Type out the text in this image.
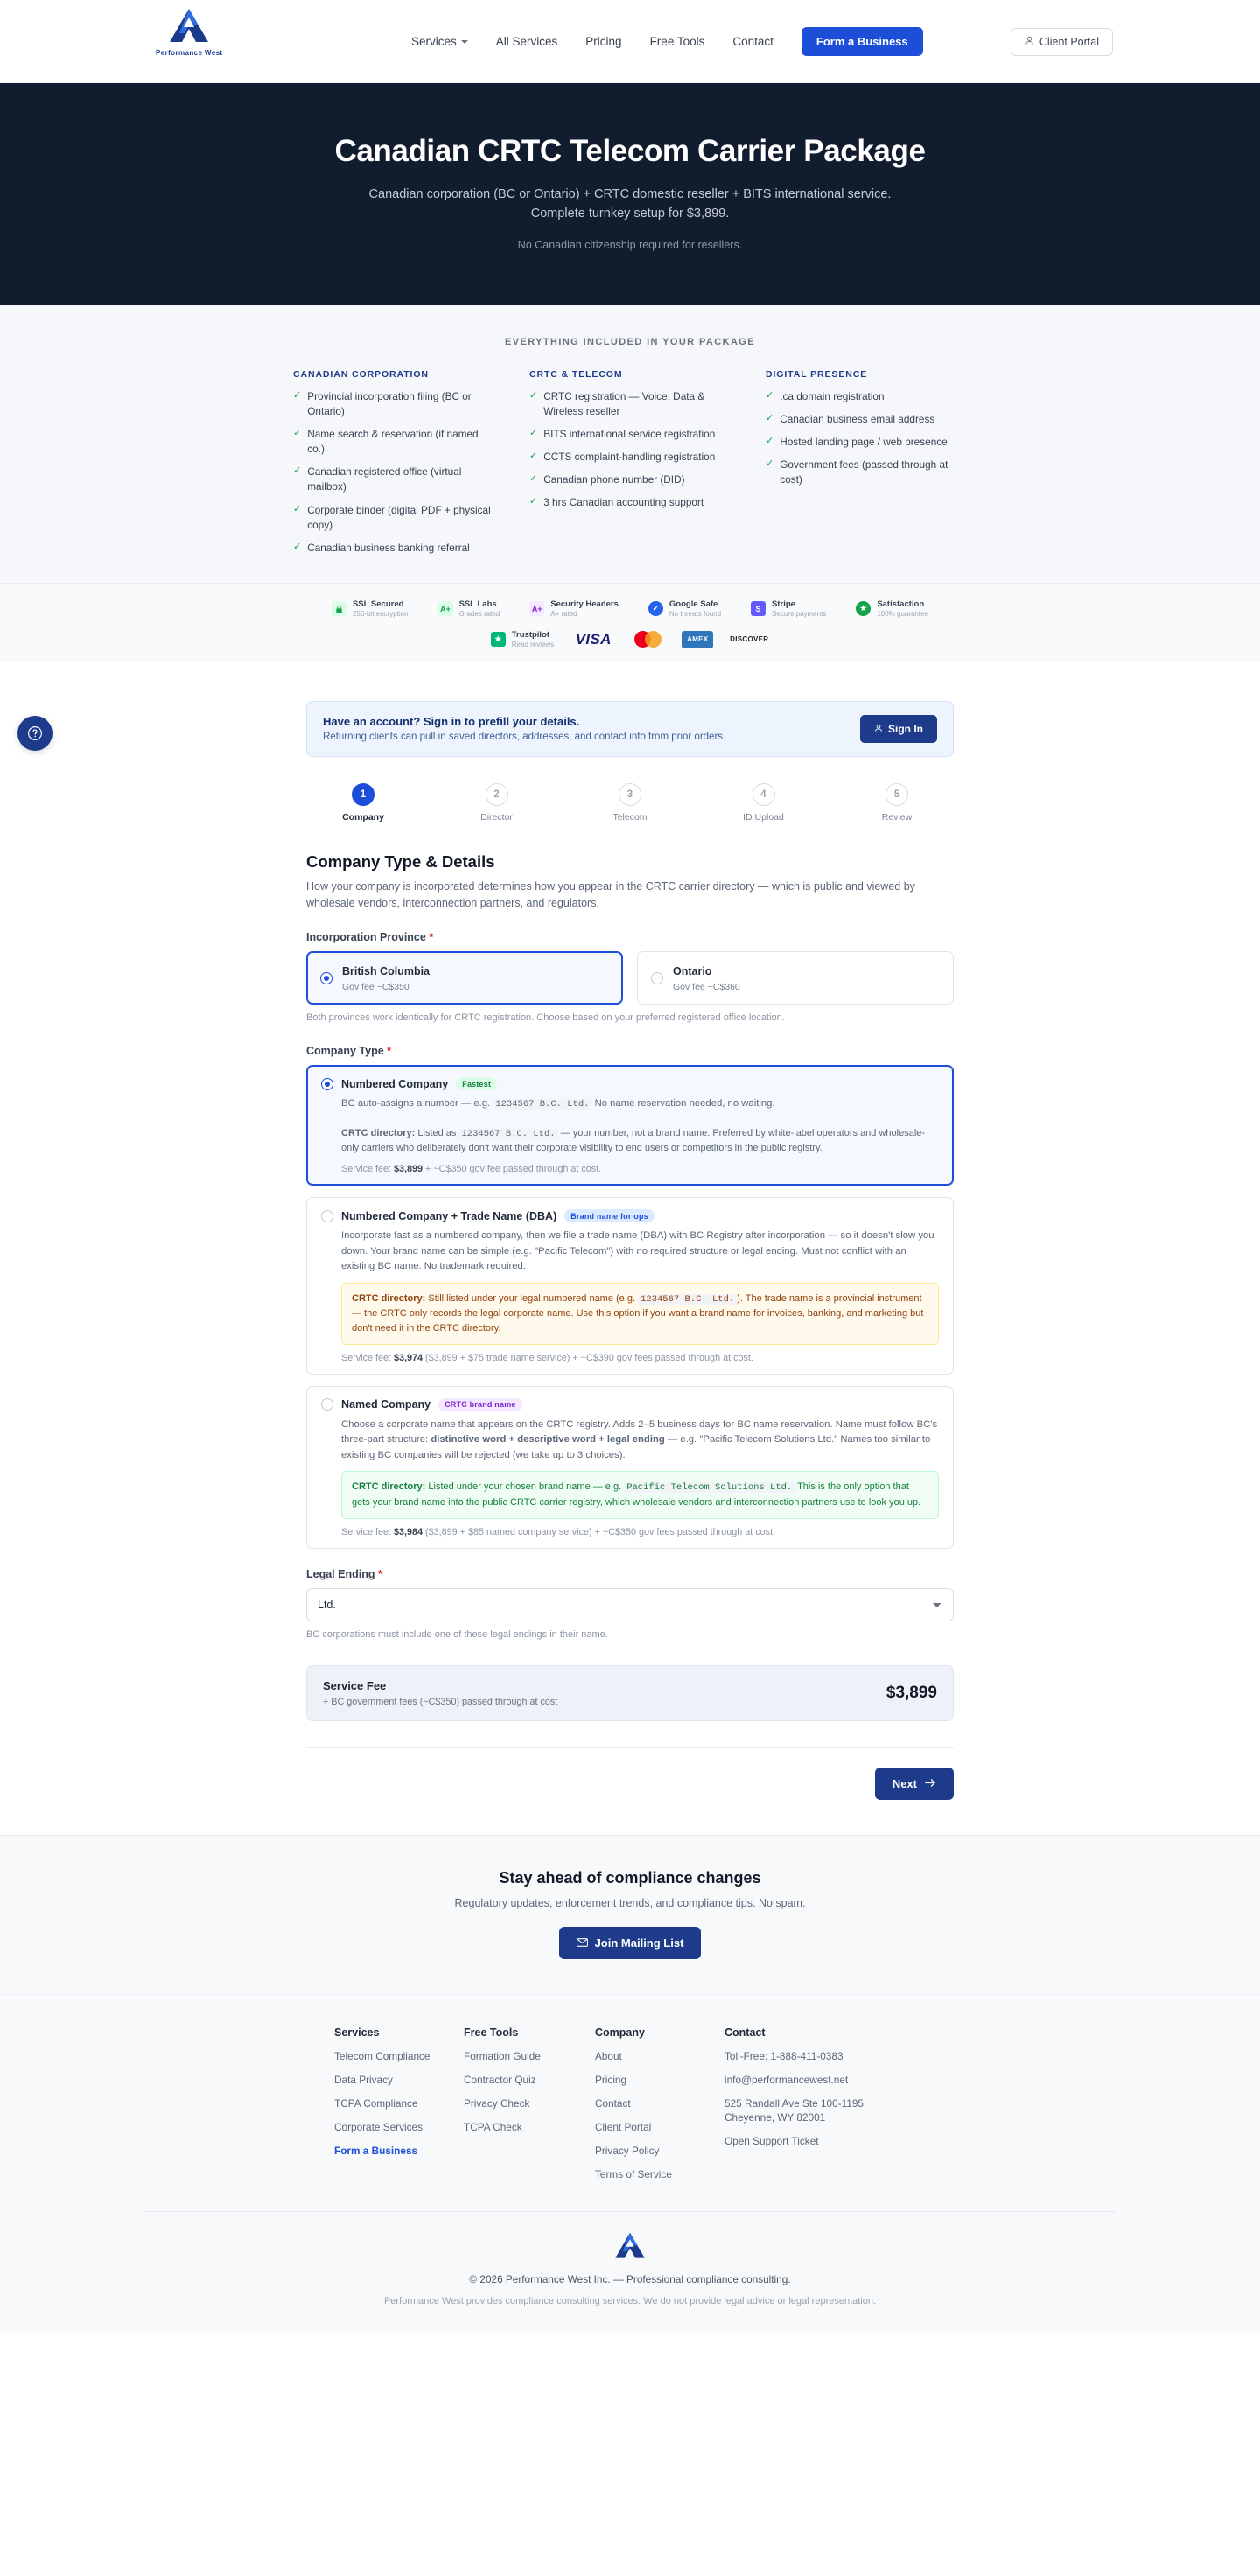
Performance West
Services	All Services Pricing Free Tools Contact	Form a Business	Client Portal
Canadian CRTC Telecom Carrier Package

Canadian corporation (BC or Ontario) + CRTC domestic reseller + BITS international service. Complete turnkey setup for $3,899.

No Canadian citizenship required for resellers.

EVERYTHING INCLUDED IN YOUR PACKAGE
CANADIAN CORPORATION
✓ Provincial incorporation filing (BC or Ontario)
✓ Name search & reservation (if named co.)
✓ Canadian registered office (virtual mailbox)
✓ Corporate binder (digital PDF + physical copy)
✓ Canadian business banking referral
CRTC & TELECOM
✓ CRTC registration — Voice, Data & Wireless reseller
✓ BITS international service registration
✓ CCTS complaint-handling registration
✓ Canadian phone number (DID)
✓ 3 hrs Canadian accounting support
DIGITAL PRESENCE
✓ .ca domain registration
✓ Canadian business email address
✓ Hosted landing page / web presence
✓ Government fees (passed through at cost)
SSL Secured
256-bit encryption
A+ SSL Labs
Grades rated
A+ Security Headers
A+ rated
✓	Google Safe
No threats found
S	Stripe
Secure payments
★	Satisfaction
100% guarantee
★	Trustpilot
Read reviews	VISA	AMEX	DISCOVER
Have an account? Sign in to prefill your details.
Returning clients can pull in saved directors, addresses, and contact info from prior orders.
Sign In
1
Company
2
Director
3
Telecom
4
ID Upload
5
Review
Company Type & Details

How your company is incorporated determines how you appear in the CRTC carrier directory — which is public and viewed by wholesale vendors, interconnection partners, and regulators.

Incorporation Province *
British Columbia
Gov fee ~C$350
Ontario
Gov fee ~C$360
Both provinces work identically for CRTC registration. Choose based on your preferred registered office location.
Company Type *
Numbered Company	Fastest
BC auto-assigns a number — e.g. 1234567 B.C. Ltd. No name reservation needed, no waiting.
CRTC directory: Listed as 1234567 B.C. Ltd. — your number, not a brand name. Preferred by white-label operators and wholesale-only carriers who deliberately don't want their corporate visibility to end users or competitors in the public registry.
Service fee: $3,899 + ~C$350 gov fee passed through at cost.
Numbered Company + Trade Name (DBA)	Brand name for ops
Incorporate fast as a numbered company, then we file a trade name (DBA) with BC Registry after incorporation — so it doesn't slow you down. Your brand name can be simple (e.g. "Pacific Telecom") with no required structure or legal ending. Must not conflict with an existing BC name. No trademark required.
CRTC directory: Still listed under your legal numbered name (e.g. 1234567 B.C. Ltd. ). The trade name is a provincial instrument — the CRTC only records the legal corporate name. Use this option if you want a brand name for invoices, banking, and marketing but don't need it in the CRTC directory.
Service fee: $3,974 ($3,899 + $75 trade name service) + ~C$390 gov fees passed through at cost.
Named Company	CRTC brand name
Choose a corporate name that appears on the CRTC registry. Adds 2–5 business days for BC name reservation. Name must follow BC's three-part structure: distinctive word + descriptive word + legal ending — e.g. "Pacific Telecom Solutions Ltd." Names too similar to existing BC companies will be rejected (we take up to 3 choices).
CRTC directory: Listed under your chosen brand name — e.g. Pacific Telecom Solutions Ltd. This is the only option that gets your brand name into the public CRTC carrier registry, which wholesale vendors and interconnection partners use to look you up.
Service fee: $3,984 ($3,899 + $85 named company service) + ~C$350 gov fees passed through at cost.
Legal Ending *
Ltd.
BC corporations must include one of these legal endings in their name.
Service Fee
+ BC government fees (~C$350) passed through at cost	$3,899
Next
Stay ahead of compliance changes

Regulatory updates, enforcement trends, and compliance tips. No spam.

Join Mailing List
Services
Telecom Compliance
Data Privacy
TCPA Compliance
Corporate Services
Form a Business
Free Tools
Formation Guide
Contractor Quiz
Privacy Check
TCPA Check
Company
About
Pricing
Contact
Client Portal
Privacy Policy
Terms of Service
Contact
Toll-Free: 1-888-411-0383
info@performancewest.net
525 Randall Ave Ste 100-1195
Cheyenne, WY 82001
Open Support Ticket
© 2026 Performance West Inc. — Professional compliance consulting.
Performance West provides compliance consulting services. We do not provide legal advice or legal representation.
